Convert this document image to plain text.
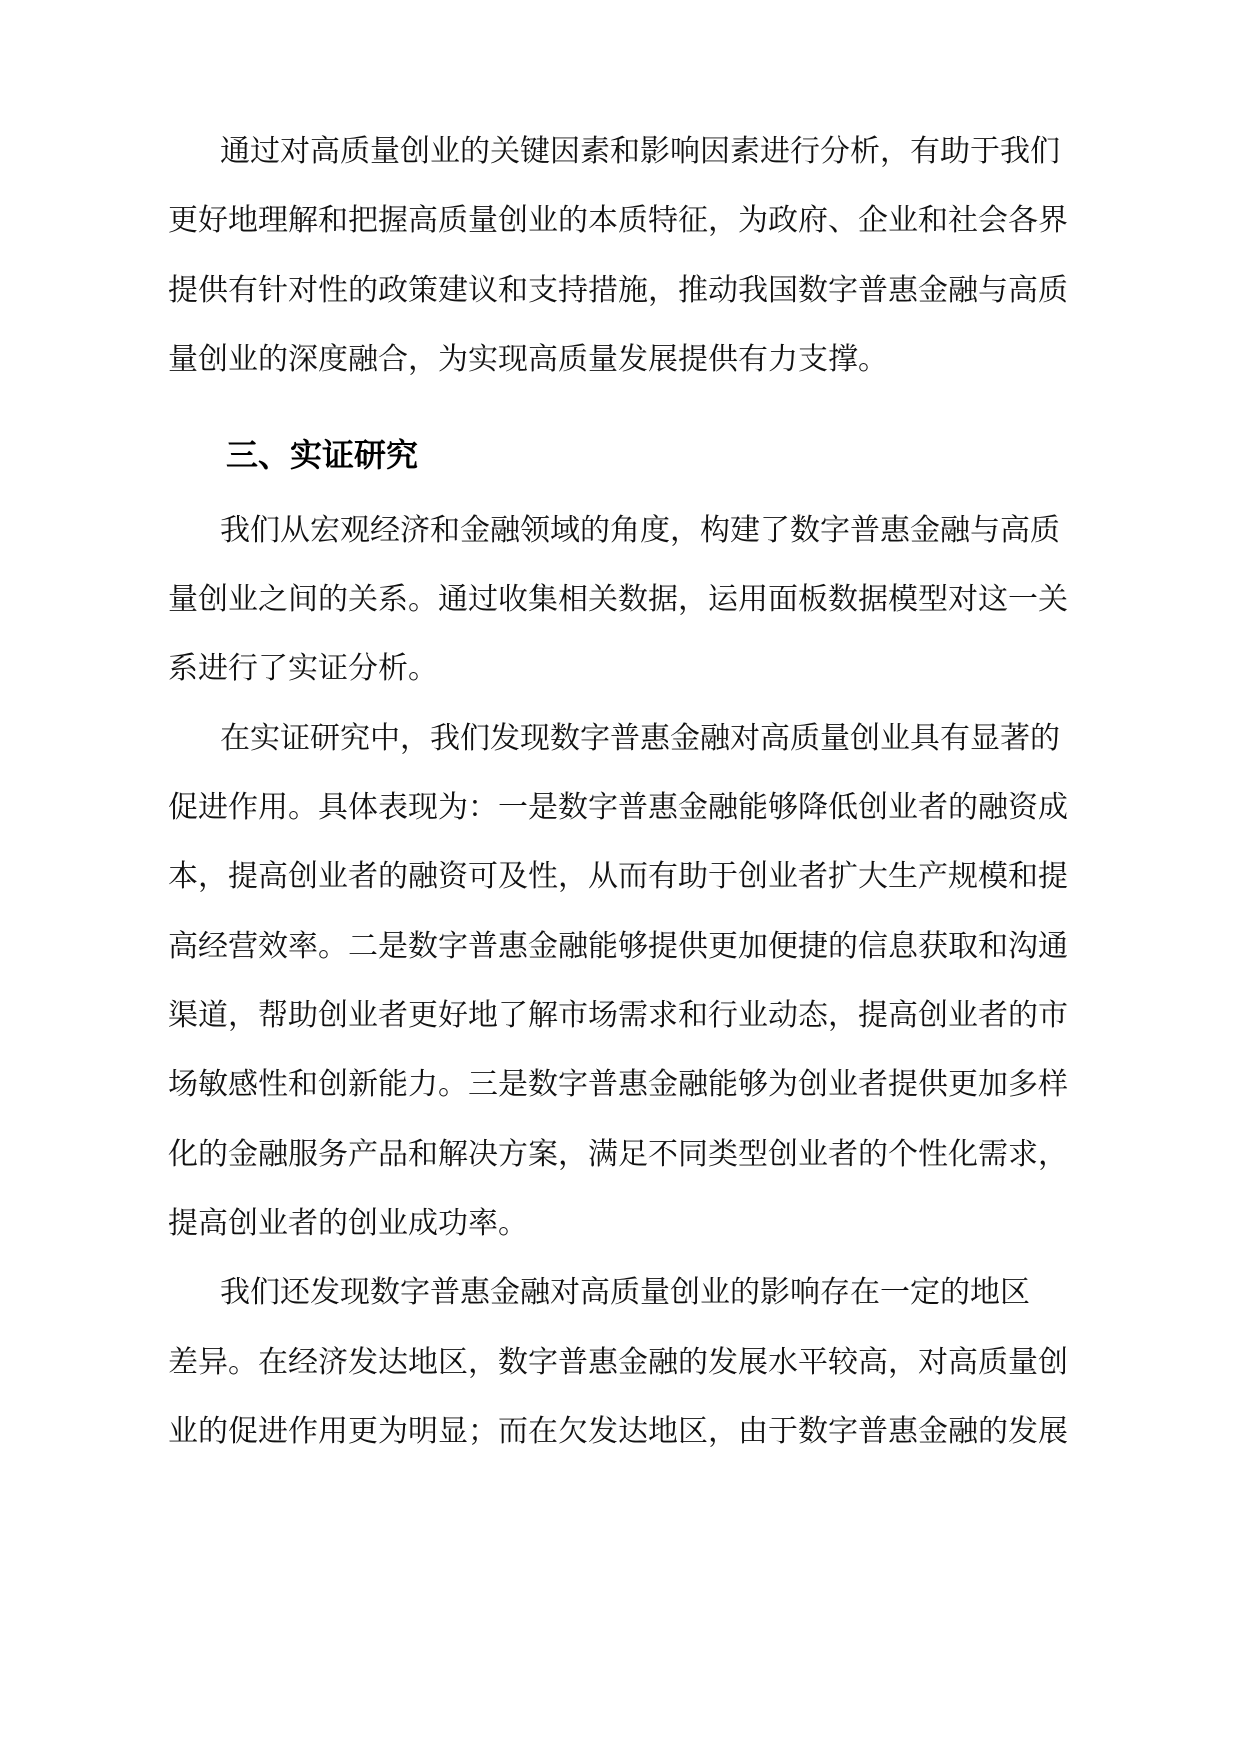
通过对高质量创业的关键因素和影响因素进行分析，有助于我们
更好地理解和把握高质量创业的本质特征，为政府、企业和社会各界
提供有针对性的政策建议和支持措施，推动我国数字普惠金融与高质
量创业的深度融合，为实现高质量发展提供有力支撑。
三、实证研究
我们从宏观经济和金融领域的角度，构建了数字普惠金融与高质
量创业之间的关系。通过收集相关数据，运用面板数据模型对这一关
系进行了实证分析。
在实证研究中，我们发现数字普惠金融对高质量创业具有显著的
促进作用。具体表现为：一是数字普惠金融能够降低创业者的融资成
本，提高创业者的融资可及性，从而有助于创业者扩大生产规模和提
高经营效率。二是数字普惠金融能够提供更加便捷的信息获取和沟通
渠道，帮助创业者更好地了解市场需求和行业动态，提高创业者的市
场敏感性和创新能力。三是数字普惠金融能够为创业者提供更加多样
化的金融服务产品和解决方案，满足不同类型创业者的个性化需求，
提高创业者的创业成功率。
我们还发现数字普惠金融对高质量创业的影响存在一定的地区
差异。在经济发达地区，数字普惠金融的发展水平较高，对高质量创
业的促进作用更为明显；而在欠发达地区，由于数字普惠金融的发展
